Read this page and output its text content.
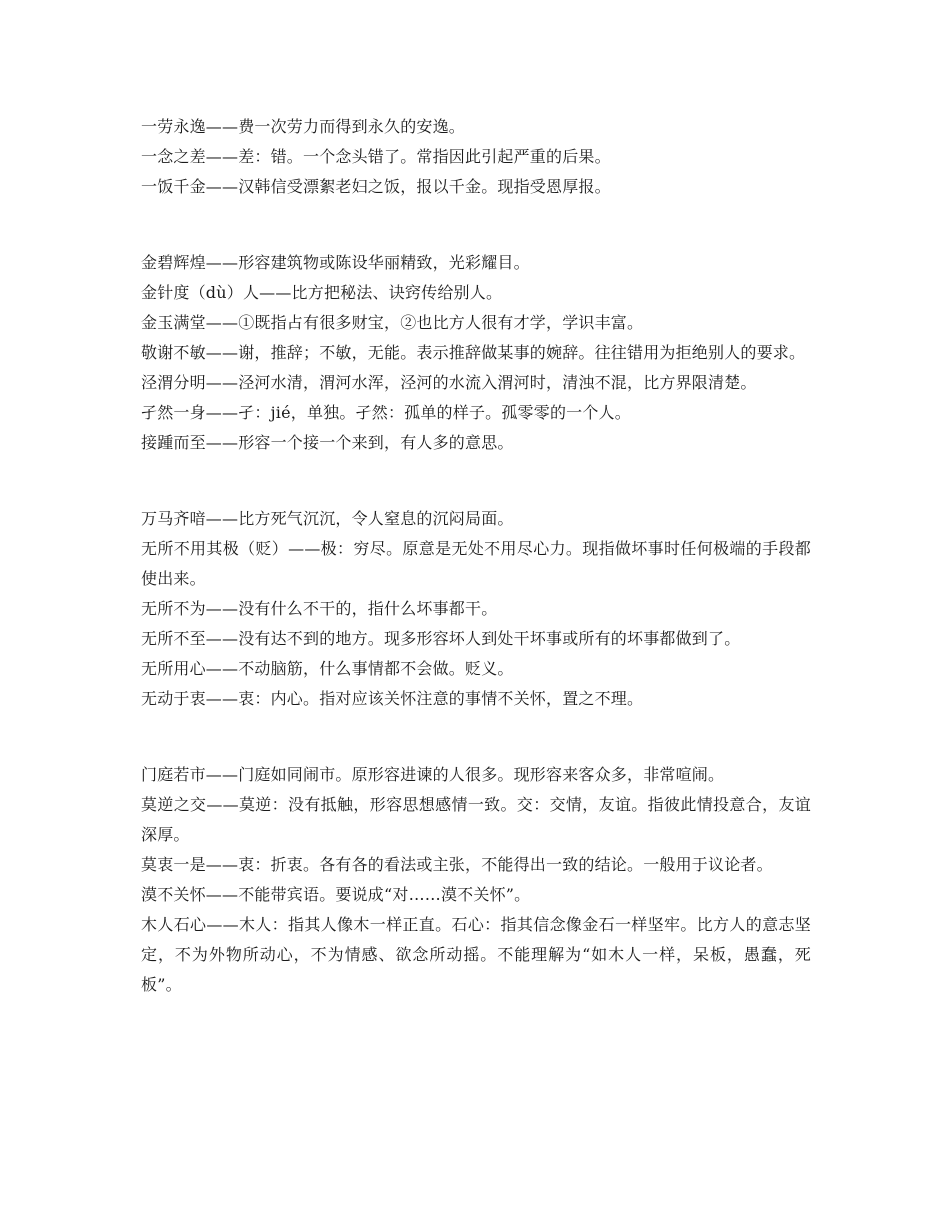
一劳永逸——费一次劳力而得到永久的安逸。

一念之差——差：错。一个念头错了。常指因此引起严重的后果。

一饭千金——汉韩信受漂絮老妇之饭，报以千金。现指受恩厚报。

金碧辉煌——形容建筑物或陈设华丽精致，光彩耀目。

金针度（dù）人——比方把秘法、诀窍传给别人。

金玉满堂——①既指占有很多财宝，②也比方人很有才学，学识丰富。

敬谢不敏——谢，推辞；不敏，无能。表示推辞做某事的婉辞。往往错用为拒绝别人的要求。

泾渭分明——泾河水清，渭河水浑，泾河的水流入渭河时，清浊不混，比方界限清楚。

孑然一身——孑：jié，单独。孑然：孤单的样子。孤零零的一个人。

接踵而至——形容一个接一个来到，有人多的意思。

万马齐喑——比方死气沉沉，令人窒息的沉闷局面。

无所不用其极（贬）——极：穷尽。原意是无处不用尽心力。现指做坏事时任何极端的手段都使出来。

无所不为——没有什么不干的，指什么坏事都干。

无所不至——没有达不到的地方。现多形容坏人到处干坏事或所有的坏事都做到了。

无所用心——不动脑筋，什么事情都不会做。贬义。

无动于衷——衷：内心。指对应该关怀注意的事情不关怀，置之不理。

门庭若市——门庭如同闹市。原形容进谏的人很多。现形容来客众多，非常喧闹。

莫逆之交——莫逆：没有抵触，形容思想感情一致。交：交情，友谊。指彼此情投意合，友谊深厚。

莫衷一是——衷：折衷。各有各的看法或主张，不能得出一致的结论。一般用于议论者。

漠不关怀——不能带宾语。要说成“对……漠不关怀”。

木人石心——木人：指其人像木一样正直。石心：指其信念像金石一样坚牢。比方人的意志坚定，不为外物所动心，不为情感、欲念所动摇。不能理解为“如木人一样，呆板，愚蠢，死板”。
